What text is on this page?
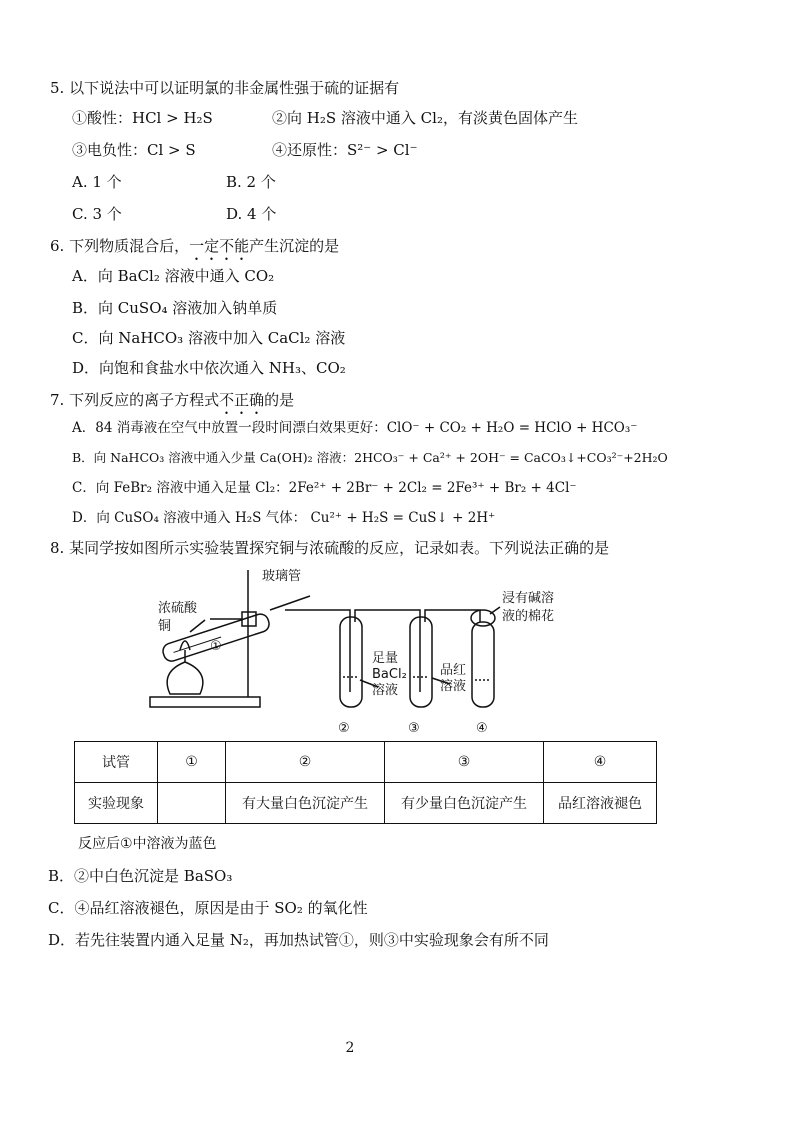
5. 以下说法中可以证明氯的非金属性强于硫的证据有
①酸性：HCl > H₂S	②向 H₂S 溶液中通入 Cl₂，有淡黄色固体产生
③电负性：Cl > S	④还原性：S²⁻ > Cl⁻
A. 1 个	B. 2 个
C. 3 个	D. 4 个
6. 下列物质混合后，一定不能产生沉淀的是
A．向 BaCl₂ 溶液中通入 CO₂
B．向 CuSO₄ 溶液加入钠单质
C．向 NaHCO₃ 溶液中加入 CaCl₂ 溶液
D．向饱和食盐水中依次通入 NH₃、CO₂
7. 下列反应的离子方程式不正确的是
A．84 消毒液在空气中放置一段时间漂白效果更好：ClO⁻ + CO₂ + H₂O = HClO + HCO₃⁻
B．向 NaHCO₃ 溶液中通入少量 Ca(OH)₂ 溶液：2HCO₃⁻ + Ca²⁺ + 2OH⁻ = CaCO₃↓+CO₃²⁻+2H₂O
C．向 FeBr₂ 溶液中通入足量 Cl₂：2Fe²⁺ + 2Br⁻ + 2Cl₂ = 2Fe³⁺ + Br₂ + 4Cl⁻
D．向 CuSO₄ 溶液中通入 H₂S 气体： Cu²⁺ + H₂S = CuS↓ + 2H⁺
8. 某同学按如图所示实验装置探究铜与浓硫酸的反应，记录如表。下列说法正确的是
玻璃管
浓硫酸
铜
①
足量
BaCl₂
溶液
品红
溶液
浸有碱溶
液的棉花
②	③	④
试管	①	②	③	④
实验现象		有大量白色沉淀产生	有少量白色沉淀产生	品红溶液褪色
反应后①中溶液为蓝色
B．②中白色沉淀是 BaSO₃
C．④品红溶液褪色，原因是由于 SO₂ 的氧化性
D．若先往装置内通入足量 N₂，再加热试管①，则③中实验现象会有所不同
2
